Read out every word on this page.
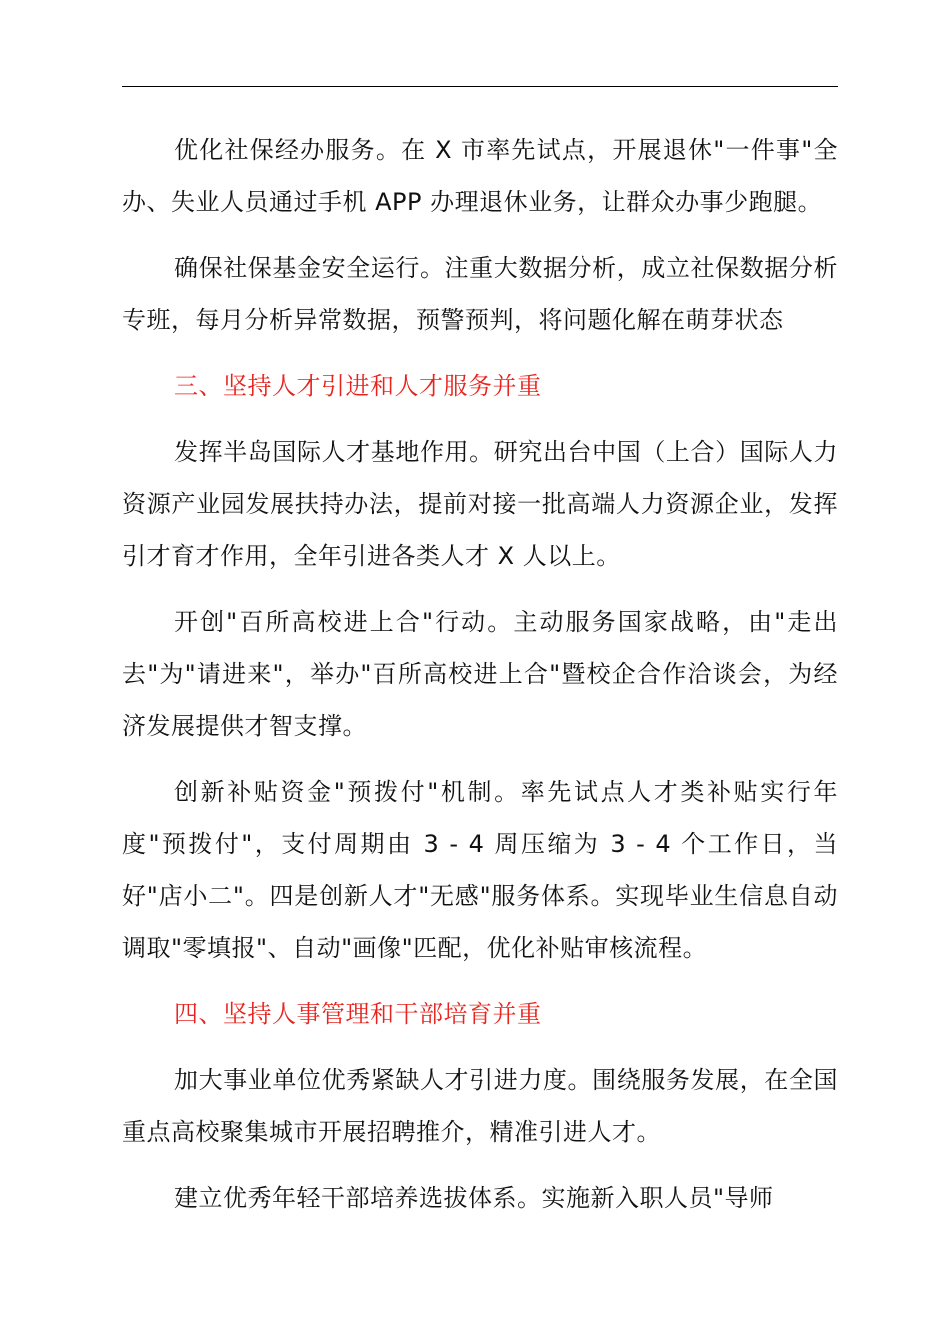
优化社保经办服务。在 X 市率先试点，开展退休"一件事"全办、失业人员通过手机 APP 办理退休业务，让群众办事少跑腿。

确保社保基金安全运行。注重大数据分析，成立社保数据分析专班，每月分析异常数据，预警预判，将问题化解在萌芽状态

三、坚持人才引进和人才服务并重

发挥半岛国际人才基地作用。研究出台中国（上合）国际人力资源产业园发展扶持办法，提前对接一批高端人力资源企业，发挥引才育才作用，全年引进各类人才 X 人以上。

开创"百所高校进上合"行动。主动服务国家战略，由"走出去"为"请进来"，举办"百所高校进上合"暨校企合作洽谈会，为经济发展提供才智支撑。

创新补贴资金"预拨付"机制。率先试点人才类补贴实行年度"预拨付"，支付周期由 3 - 4 周压缩为 3 - 4 个工作日，当好"店小二"。四是创新人才"无感"服务体系。实现毕业生信息自动调取"零填报"、自动"画像"匹配，优化补贴审核流程。

四、坚持人事管理和干部培育并重

加大事业单位优秀紧缺人才引进力度。围绕服务发展，在全国重点高校聚集城市开展招聘推介，精准引进人才。

建立优秀年轻干部培养选拔体系。实施新入职人员"导师
